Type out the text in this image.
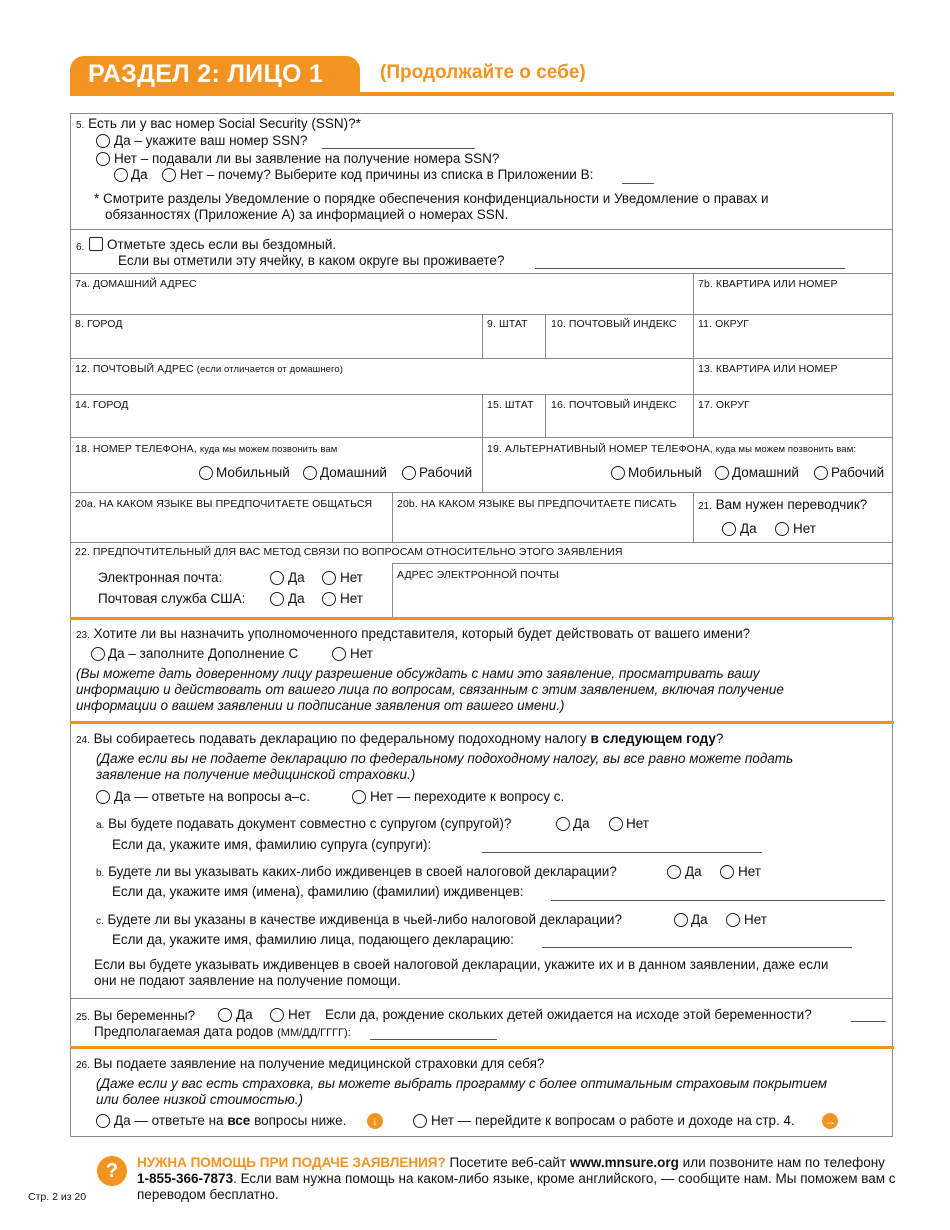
РАЗДЕЛ 2: ЛИЦО 1	(Продолжайте о себе)
5. Есть ли у вас номер Social Security (SSN)?*
Да – укажите ваш номер SSN?
Нет – подавали ли вы заявление на получение номера SSN?
Да Нет – почему? Выберите код причины из списка в Приложении B:
* Смотрите разделы Уведомление о порядке обеспечения конфиденциальности и Уведомление о правах и
обязанностях (Приложение A) за информацией о номерах SSN.
6. Отметьте здесь если вы бездомный.
Если вы отметили эту ячейку, в каком округе вы проживаете?
7a. ДОМАШНИЙ АДРЕС	7b. КВАРТИРА ИЛИ НОМЕР
8. ГОРОД	9. ШТАТ 10. ПОЧТОВЫЙ ИНДЕКС 11. ОКРУГ
12. ПОЧТОВЫЙ АДРЕС (если отличается от домашнего)	13. КВАРТИРА ИЛИ НОМЕР
14. ГОРОД	15. ШТАТ 16. ПОЧТОВЫЙ ИНДЕКС 17. ОКРУГ
18. НОМЕР ТЕЛЕФОНА, куда мы можем позвонить вам	19. АЛЬТЕРНАТИВНЫЙ НОМЕР ТЕЛЕФОНА, куда мы можем позвонить вам:
Мобильный Домашний Рабочий	Мобильный Домашний Рабочий
20a. НА КАКОМ ЯЗЫКЕ ВЫ ПРЕДПОЧИТАЕТЕ ОБЩАТЬСЯ 20b. НА КАКОМ ЯЗЫКЕ ВЫ ПРЕДПОЧИТАЕТЕ ПИСАТЬ 21. Вам нужен переводчик?
Да	Нет
22. ПРЕДПОЧТИТЕЛЬНЫЙ ДЛЯ ВАС МЕТОД СВЯЗИ ПО ВОПРОСАМ ОТНОСИТЕЛЬНО ЭТОГО ЗАЯВЛЕНИЯ
Электронная почта:	Да	Нет
Почтовая служба США:	Да	Нет
АДРЕС ЭЛЕКТРОННОЙ ПОЧТЫ
23. Хотите ли вы назначить уполномоченного представителя, который будет действовать от вашего имени?
Да – заполните Дополнение C	Нет
(Вы можете дать доверенному лицу разрешение обсуждать с нами это заявление, просматривать вашу
информацию и действовать от вашего лица по вопросам, связанным с этим заявлением, включая получение
информации о вашем заявлении и подписание заявления от вашего имени.)
24. Вы собираетесь подавать декларацию по федеральному подоходному налогу в следующем году?
(Даже если вы не подаете декларацию по федеральному подоходному налогу, вы все равно можете подать
заявление на получение медицинской страховки.)
Да — ответьте на вопросы a–c.	Нет — переходите к вопросу c.
a. Вы будете подавать документ совместно с супругом (супругой)?	Да	Нет
Если да, укажите имя, фамилию супруга (супруги):
b. Будете ли вы указывать каких-либо иждивенцев в своей налоговой декларации?	Да	Нет
Если да, укажите имя (имена), фамилию (фамилии) иждивенцев:
c. Будете ли вы указаны в качестве иждивенца в чьей-либо налоговой декларации?	Да	Нет
Если да, укажите имя, фамилию лица, подающего декларацию:
Если вы будете указывать иждивенцев в своей налоговой декларации, укажите их и в данном заявлении, даже если
они не подают заявление на получение помощи.
25. Вы беременны?	Да	Нет Если да, рождение скольких детей ожидается на исходе этой беременности?
Предполагаемая дата родов (ММ/ДД/ГГГГ):
26. Вы подаете заявление на получение медицинской страховки для себя?
(Даже если у вас есть страховка, вы можете выбрать программу с более оптимальным страховым покрытием
или более низкой стоимостью.)
Да — ответьте на все вопросы ниже.	↓	Нет — перейдите к вопросам о работе и доходе на стр. 4. →
?	НУЖНА ПОМОЩЬ ПРИ ПОДАЧЕ ЗАЯВЛЕНИЯ? Посетите веб-сайт www.mnsure.org или позвоните нам по телефону 1-855-366-7873. Если вам нужна помощь на каком-либо языке, кроме английского, — сообщите нам. Мы поможем вам с переводом бесплатно.
Стр. 2 из 20
